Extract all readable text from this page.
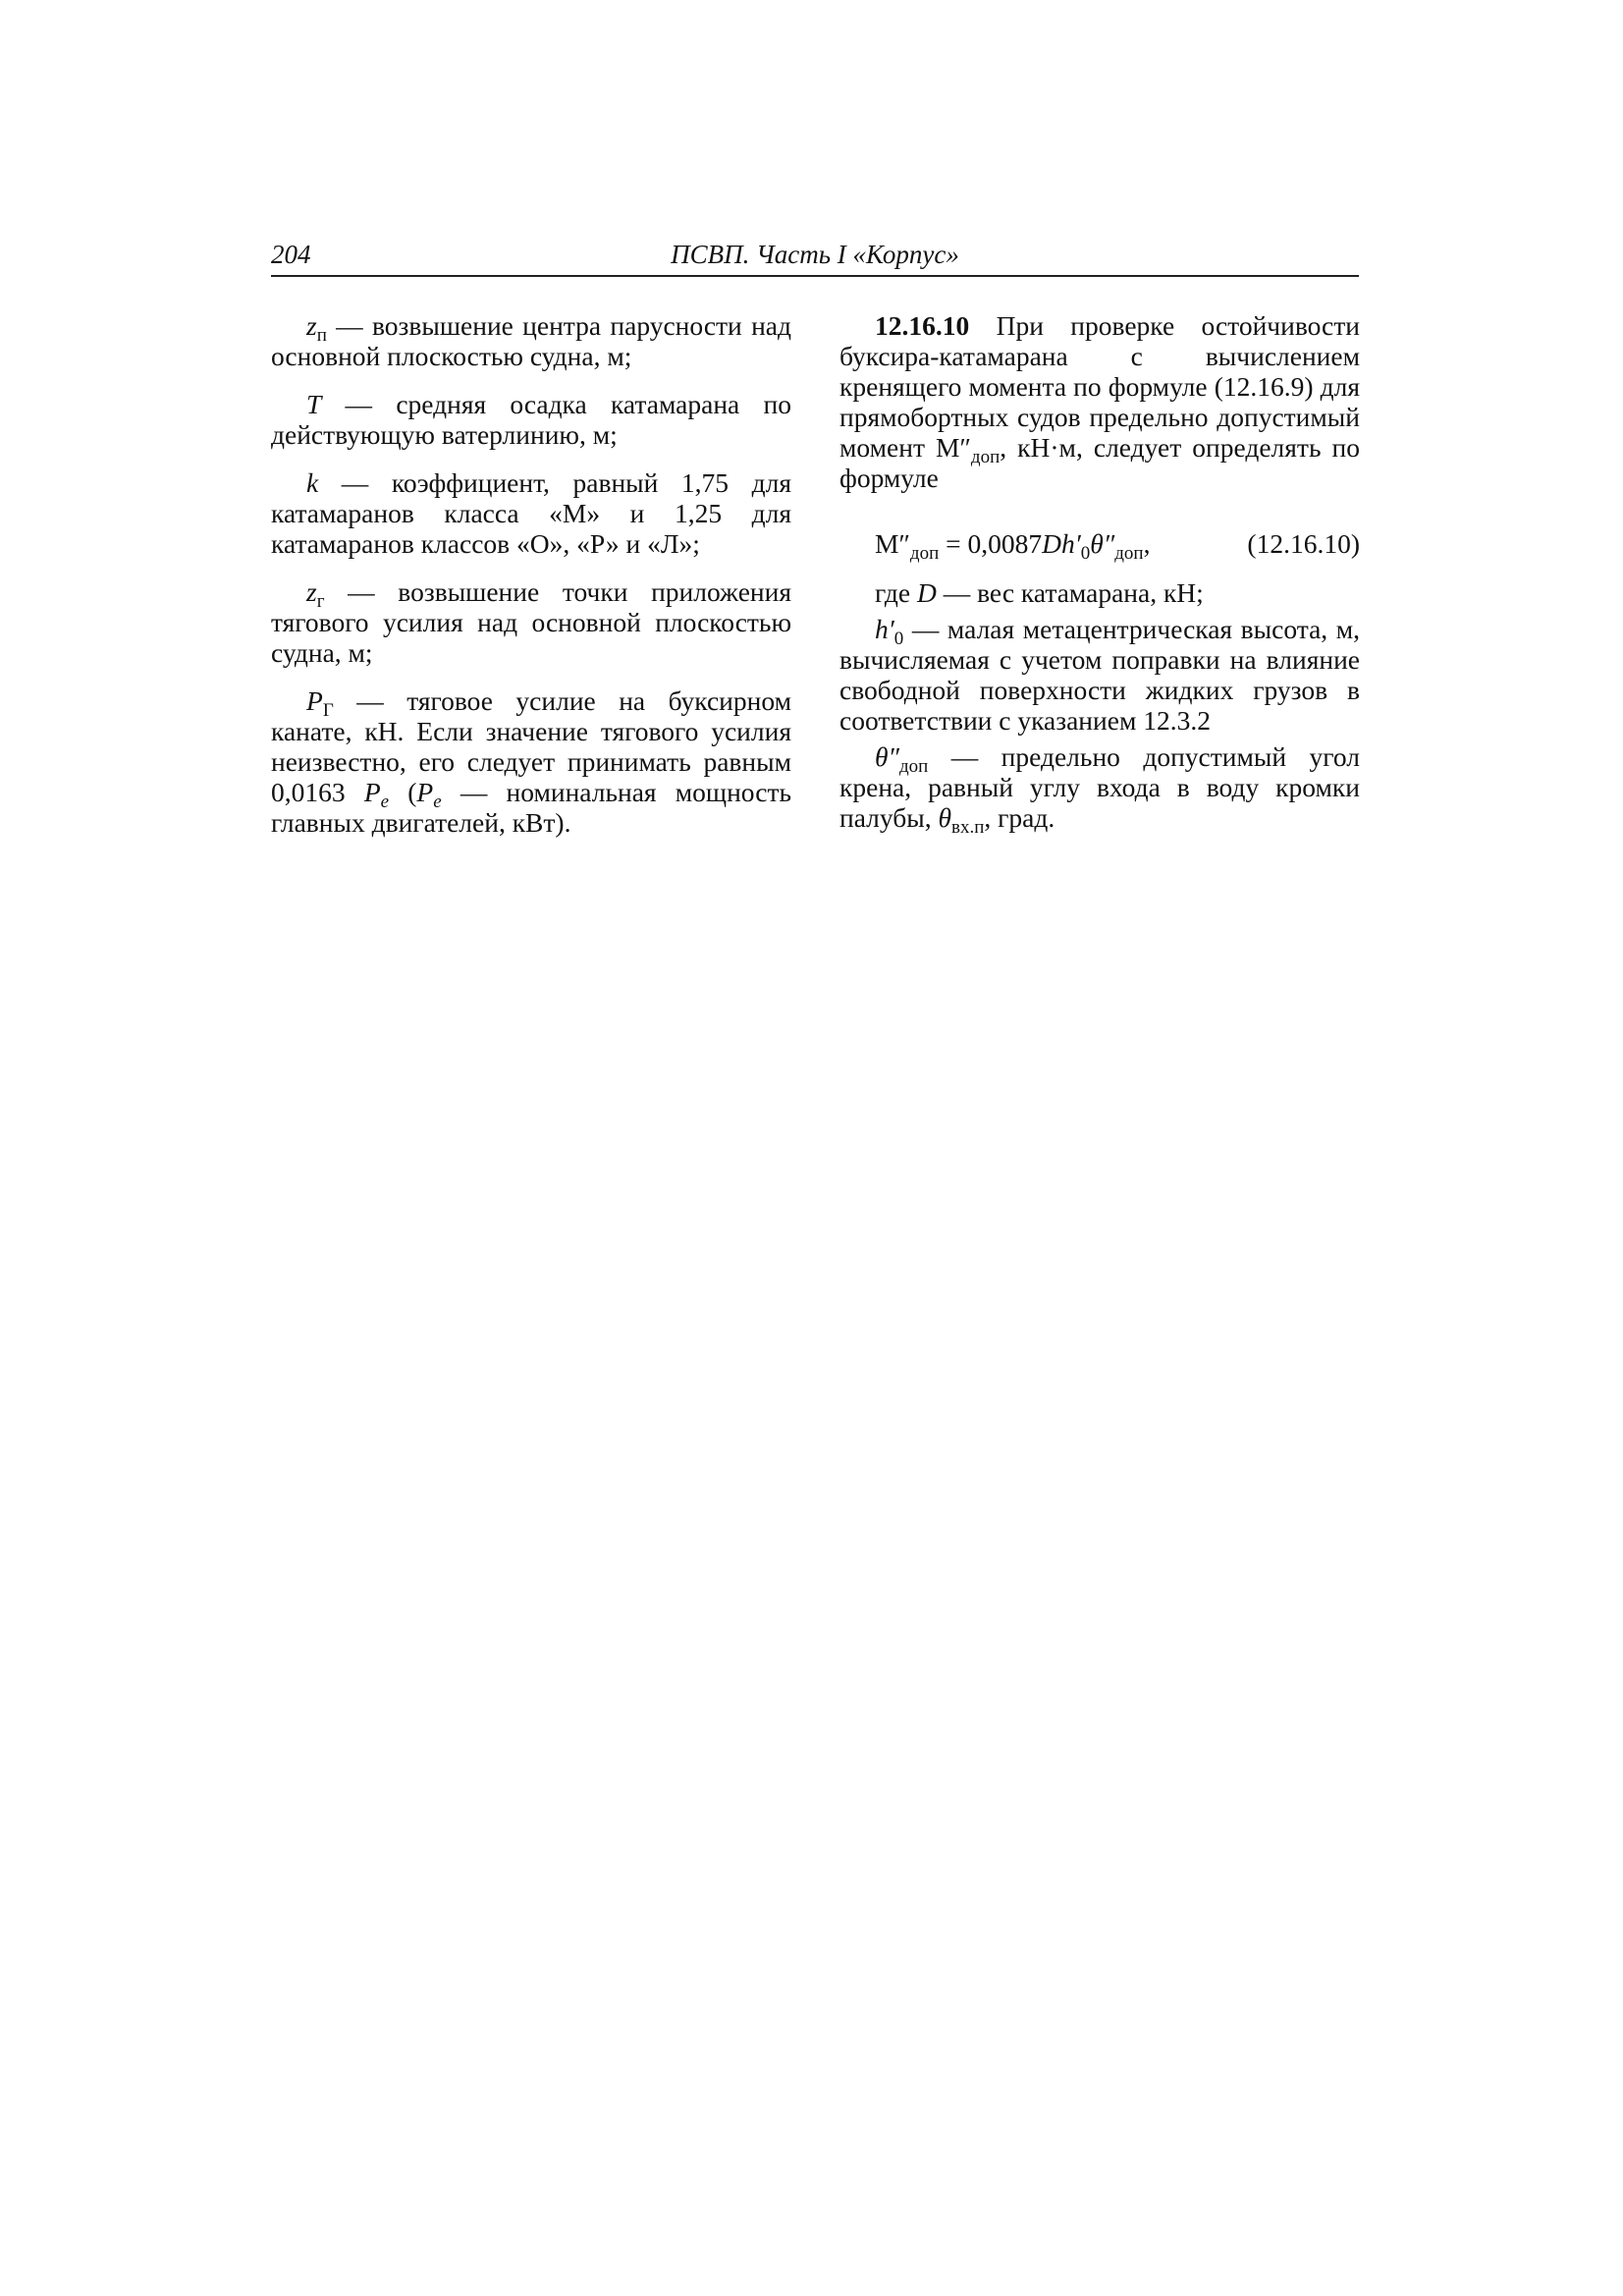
204	ПСВП. Часть I «Корпус»

$z_п$ — возвышение центра парусности над основной плоскостью судна, м;

T — средняя осадка катамарана по действующую ватерлинию, м;

k — коэффициент, равный 1,75 для катамаранов класса «М» и 1,25 для катамаранов классов «О», «Р» и «Л»;

$z_г$ — возвышение точки приложения тягового усилия над основной плоскостью судна, м;

$P_Г$ — тяговое усилие на буксирном канате, кН. Если значение тягового усилия неизвестно, его следует принимать равным 0,0163 $P_e$ ($P_e$ — номинальная мощность главных двигателей, кВт).

12.16.10 При проверке остойчивости буксира-катамарана с вычислением кренящего момента по формуле (12.16.9) для прямобортных судов предельно допустимый момент $М''_{доп}$, кН·м, следует определять по формуле

$М''_{доп} = 0,0087Dh'_0\theta''_{доп}$,	(12.16.10)

где D — вес катамарана, кН;

$h'_0$ — малая метацентрическая высота, м, вычисляемая с учетом поправки на влияние свободной поверхности жидких грузов в соответствии с указанием 12.3.2

$\theta''_{доп}$ — предельно допустимый угол крена, равный углу входа в воду кромки палубы, $\theta_{вх.п}$, град.
